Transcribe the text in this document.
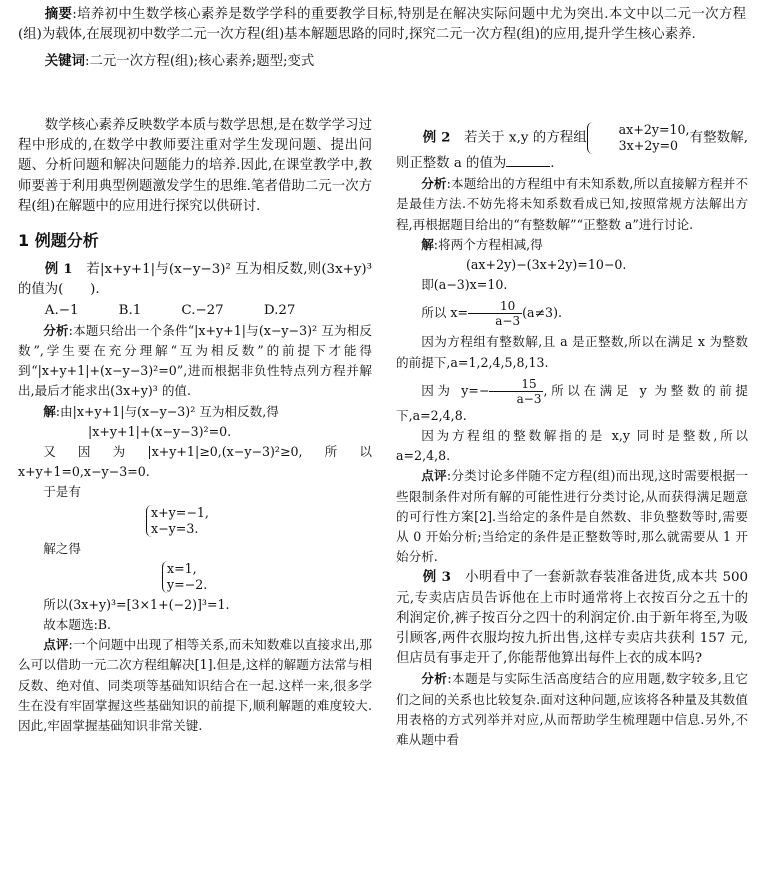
摘要:培养初中生数学核心素养是数学学科的重要教学目标,特别是在解决实际问题中尤为突出.本文中以二元一次方程(组)为载体,在展现初中数学二元一次方程(组)基本解题思路的同时,探究二元一次方程(组)的应用,提升学生核心素养.

关键词:二元一次方程(组);核心素养;题型;变式

数学核心素养反映数学本质与数学思想,是在数学学习过程中形成的,在数学中教师要注重对学生发现问题、提出问题、分析问题和解决问题能力的培养.因此,在课堂教学中,教师要善于利用典型例题激发学生的思维.笔者借助二元一次方程(组)在解题中的应用进行探究以供研讨.

1 例题分析

例 1　 若|x+y+1|与(x−y−3)² 互为相反数,则(3x+y)³ 的值为(　　).

A.−1　　　B.1　　　C.−27　　　D.27

分析:本题只给出一个条件“|x+y+1|与(x−y−3)² 互为相反数”,学生要在充分理解“互为相反数”的前提下才能得到“|x+y+1|+(x−y−3)²=0”,进而根据非负性特点列方程并解出,最后才能求出(3x+y)³ 的值.

解:由|x+y+1|与(x−y−3)² 互为相反数,得

|x+y+1|+(x−y−3)²=0.

又因为|x+y+1|≥0,(x−y−3)²≥0,所以 x+y+1=0,x−y−3=0.

于是有

x+y=−1,
x−y=3.

解之得

x=1,
y=−2.

所以(3x+y)³=[3×1+(−2)]³=1.

故本题选:B.

点评:一个问题中出现了相等关系,而未知数难以直接求出,那么可以借助一元二次方程组解决[1].但是,这样的解题方法常与相反数、绝对值、同类项等基础知识结合在一起.这样一来,很多学生在没有牢固掌握这些基础知识的前提下,顺利解题的难度较大.因此,牢固掌握基础知识非常关键.

例 2　 若关于 x,y 的方程组
ax+2y=10,
3x+2y=0 有整数解,则正整数 a 的值为	.

分析:本题给出的方程组中有未知系数,所以直接解方程并不是最佳方法.不妨先将未知系数看成已知,按照常规方法解出方程,再根据题目给出的“有整数解”“正整数 a”进行讨论.

解:将两个方程相减,得

(ax+2y)−(3x+2y)=10−0.

即(a−3)x=10.

所以 $x= \frac{10}{a-3} (a\ne 3)$.

因为方程组有整数解,且 a 是正整数,所以在满足 x 为整数的前提下,a=1,2,4,5,8,13.

因为 $y=- \frac{15}{a-3}$ ,所以在满足 y 为整数的前提下,a=2,4,8.

因为方程组的整数解指的是 x,y 同时是整数,所以 a=2,4,8.

点评:分类讨论多伴随不定方程(组)而出现,这时需要根据一些限制条件对所有解的可能性进行分类讨论,从而获得满足题意的可行性方案[2].当给定的条件是自然数、非负整数等时,需要从 0 开始分析;当给定的条件是正整数等时,那么就需要从 1 开始分析.

例 3　 小明看中了一套新款春装准备进货,成本共 500 元,专卖店店员告诉他在上市时通常将上衣按百分之五十的利润定价,裤子按百分之四十的利润定价.由于新年将至,为吸引顾客,两件衣服均按九折出售,这样专卖店共获利 157 元,但店员有事走开了,你能帮他算出每件上衣的成本吗?

分析:本题是与实际生活高度结合的应用题,数字较多,且它们之间的关系也比较复杂.面对这种问题,应该将各种量及其数值用表格的方式列举并对应,从而帮助学生梳理题中信息.另外,不难从题中看
